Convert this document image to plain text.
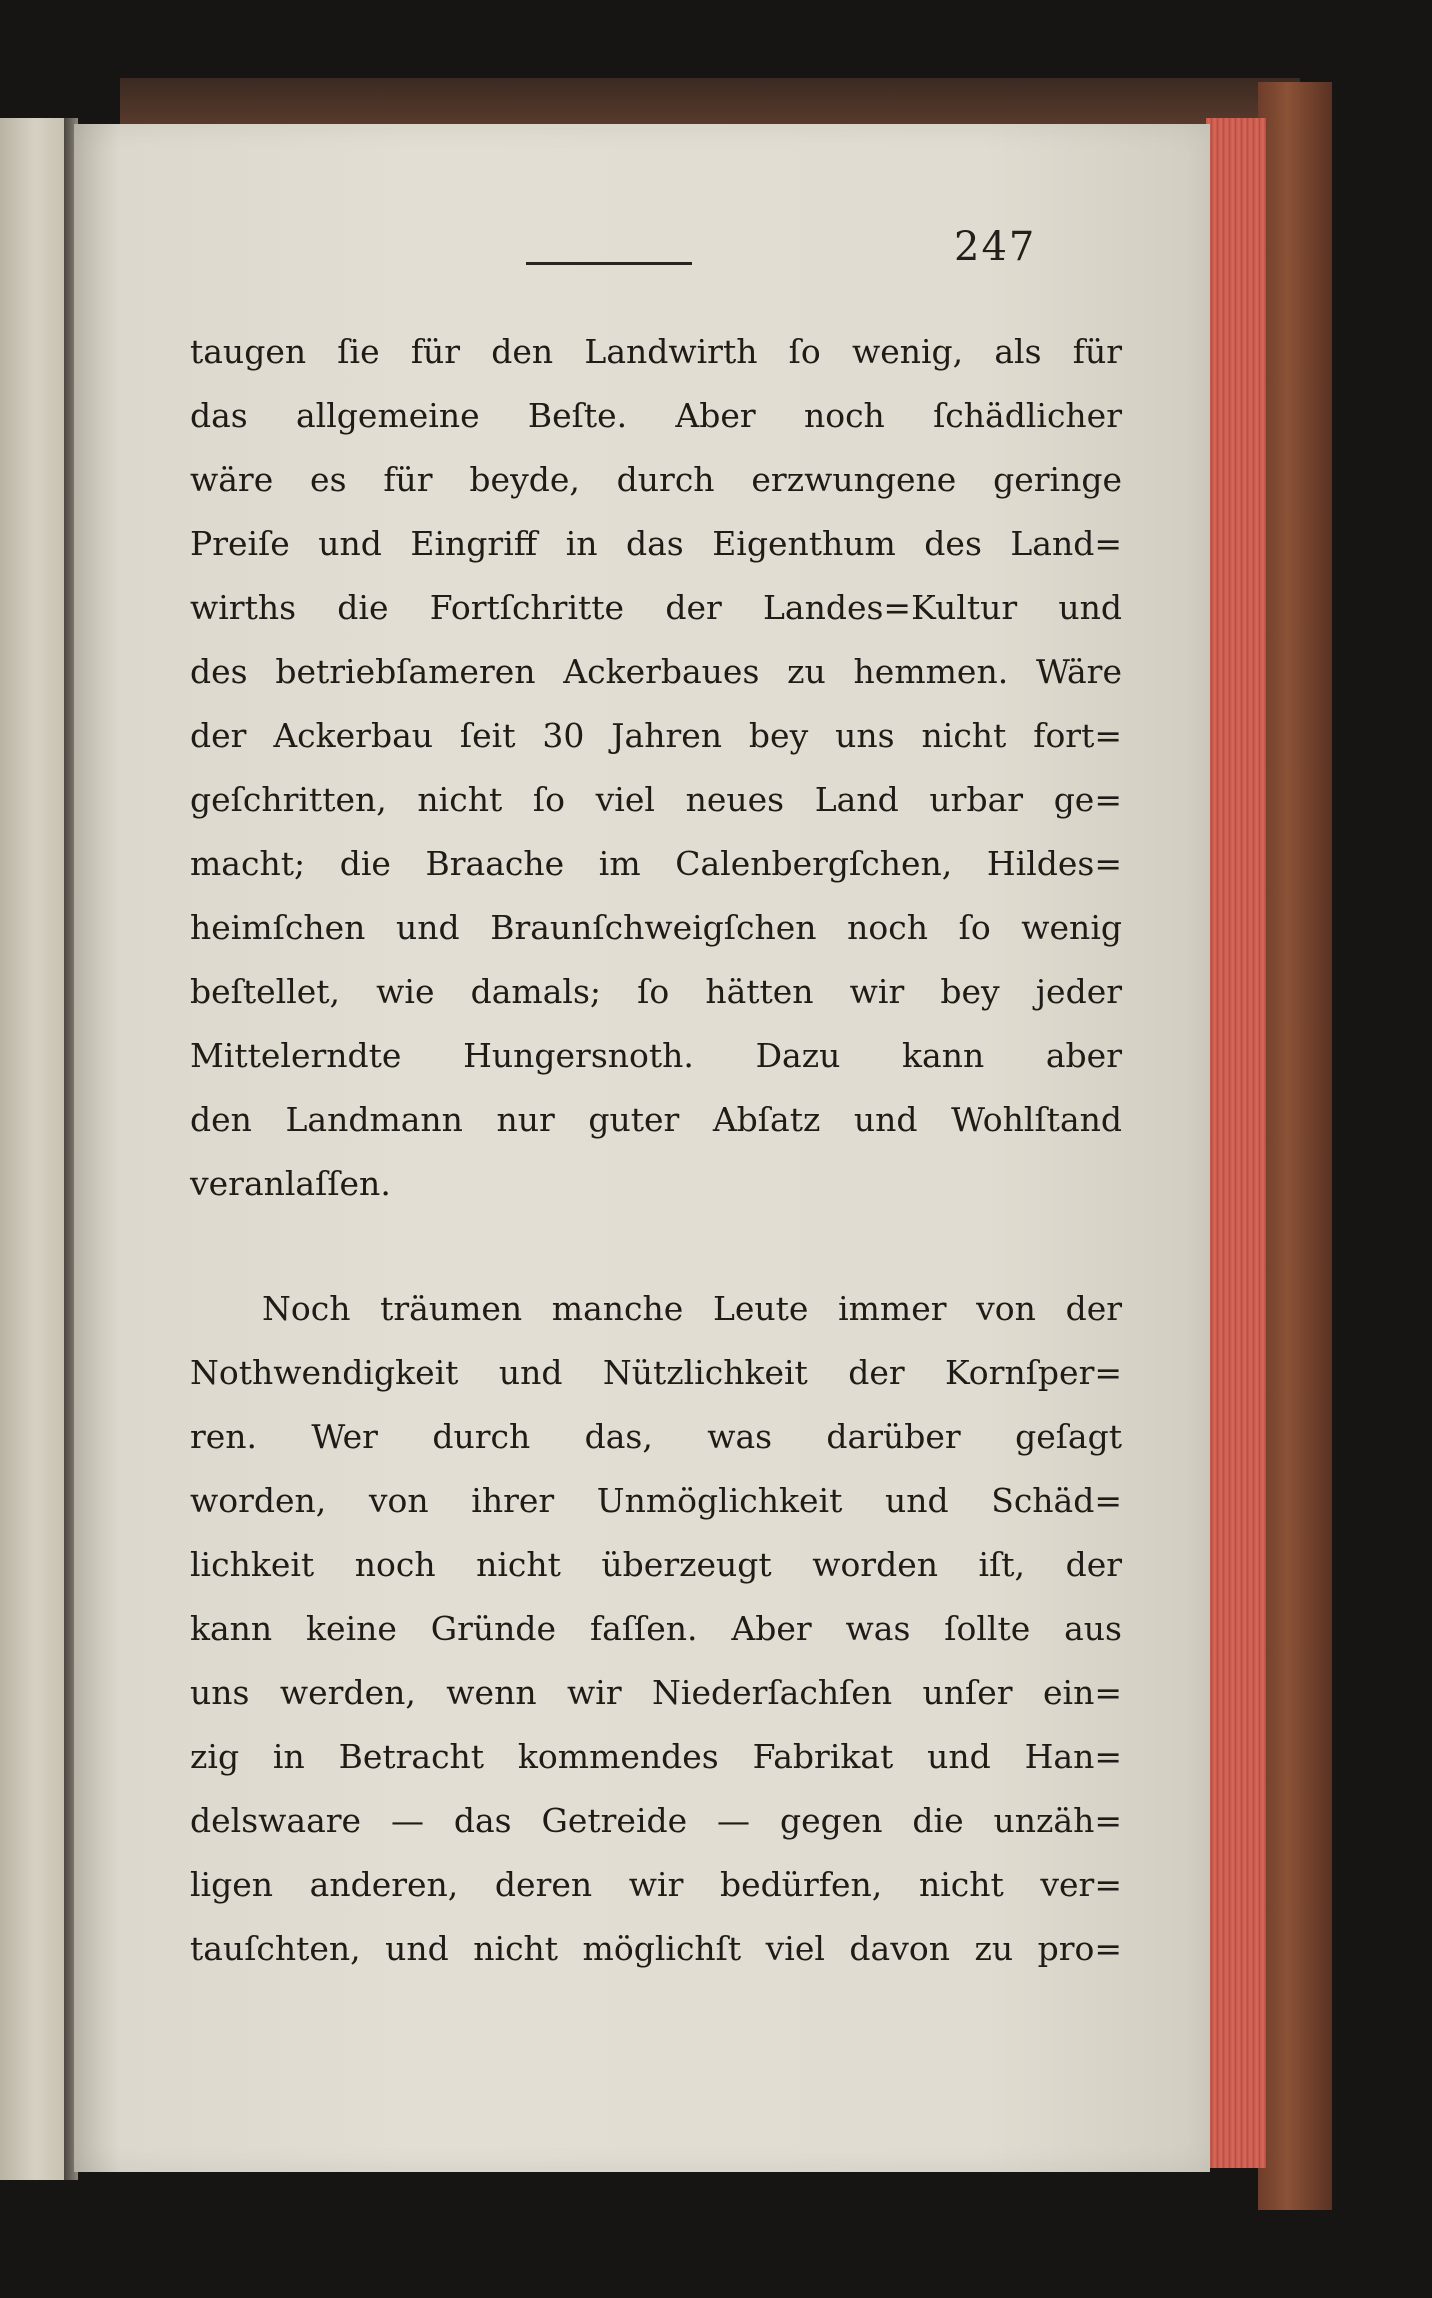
247
taugen ſie für den Landwirth ſo wenig, als für
das allgemeine Beſte. Aber noch ſchädlicher
wäre es für beyde, durch erzwungene geringe
Preiſe und Eingriff in das Eigenthum des Land=
wirths die Fortſchritte der Landes=Kultur und
des betriebſameren Ackerbaues zu hemmen. Wäre
der Ackerbau ſeit 30 Jahren bey uns nicht fort=
geſchritten, nicht ſo viel neues Land urbar ge=
macht; die Braache im Calenbergſchen, Hildes=
heimſchen und Braunſchweigſchen noch ſo wenig
beſtellet, wie damals; ſo hätten wir bey jeder
Mittelerndte Hungersnoth. Dazu kann aber
den Landmann nur guter Abſatz und Wohlſtand
veranlaſſen.
Noch träumen manche Leute immer von der
Nothwendigkeit und Nützlichkeit der Kornſper=
ren. Wer durch das, was darüber geſagt
worden, von ihrer Unmöglichkeit und Schäd=
lichkeit noch nicht überzeugt worden iſt, der
kann keine Gründe faſſen. Aber was ſollte aus
uns werden, wenn wir Niederſachſen unſer ein=
zig in Betracht kommendes Fabrikat und Han=
delswaare — das Getreide — gegen die unzäh=
ligen anderen, deren wir bedürfen, nicht ver=
tauſchten, und nicht möglichſt viel davon zu pro=
